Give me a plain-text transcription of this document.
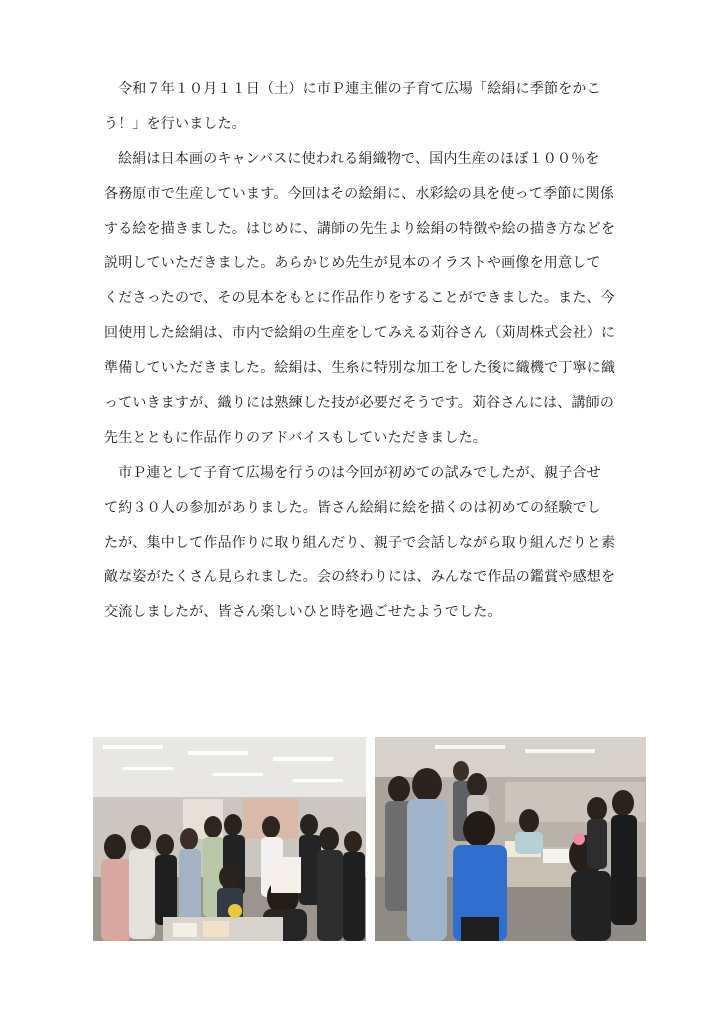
令和７年１０月１１日（土）に市Ｐ連主催の子育て広場「絵絹に季節をかこ
う！」を行いました。
絵絹は日本画のキャンバスに使われる絹織物で、国内生産のほぼ１００％を
各務原市で生産しています。今回はその絵絹に、水彩絵の具を使って季節に関係
する絵を描きました。はじめに、講師の先生より絵絹の特徴や絵の描き方などを
説明していただきました。あらかじめ先生が見本のイラストや画像を用意して
くださったので、その見本をもとに作品作りをすることができました。また、今
回使用した絵絹は、市内で絵絹の生産をしてみえる苅谷さん（苅周株式会社）に
準備していただきました。絵絹は、生糸に特別な加工をした後に織機で丁寧に織
っていきますが、織りには熟練した技が必要だそうです。苅谷さんには、講師の
先生とともに作品作りのアドバイスもしていただきました。
市Ｐ連として子育て広場を行うのは今回が初めての試みでしたが、親子合せ
て約３０人の参加がありました。皆さん絵絹に絵を描くのは初めての経験でし
たが、集中して作品作りに取り組んだり、親子で会話しながら取り組んだりと素
敵な姿がたくさん見られました。会の終わりには、みんなで作品の鑑賞や感想を
交流しましたが、皆さん楽しいひと時を過ごせたようでした。
